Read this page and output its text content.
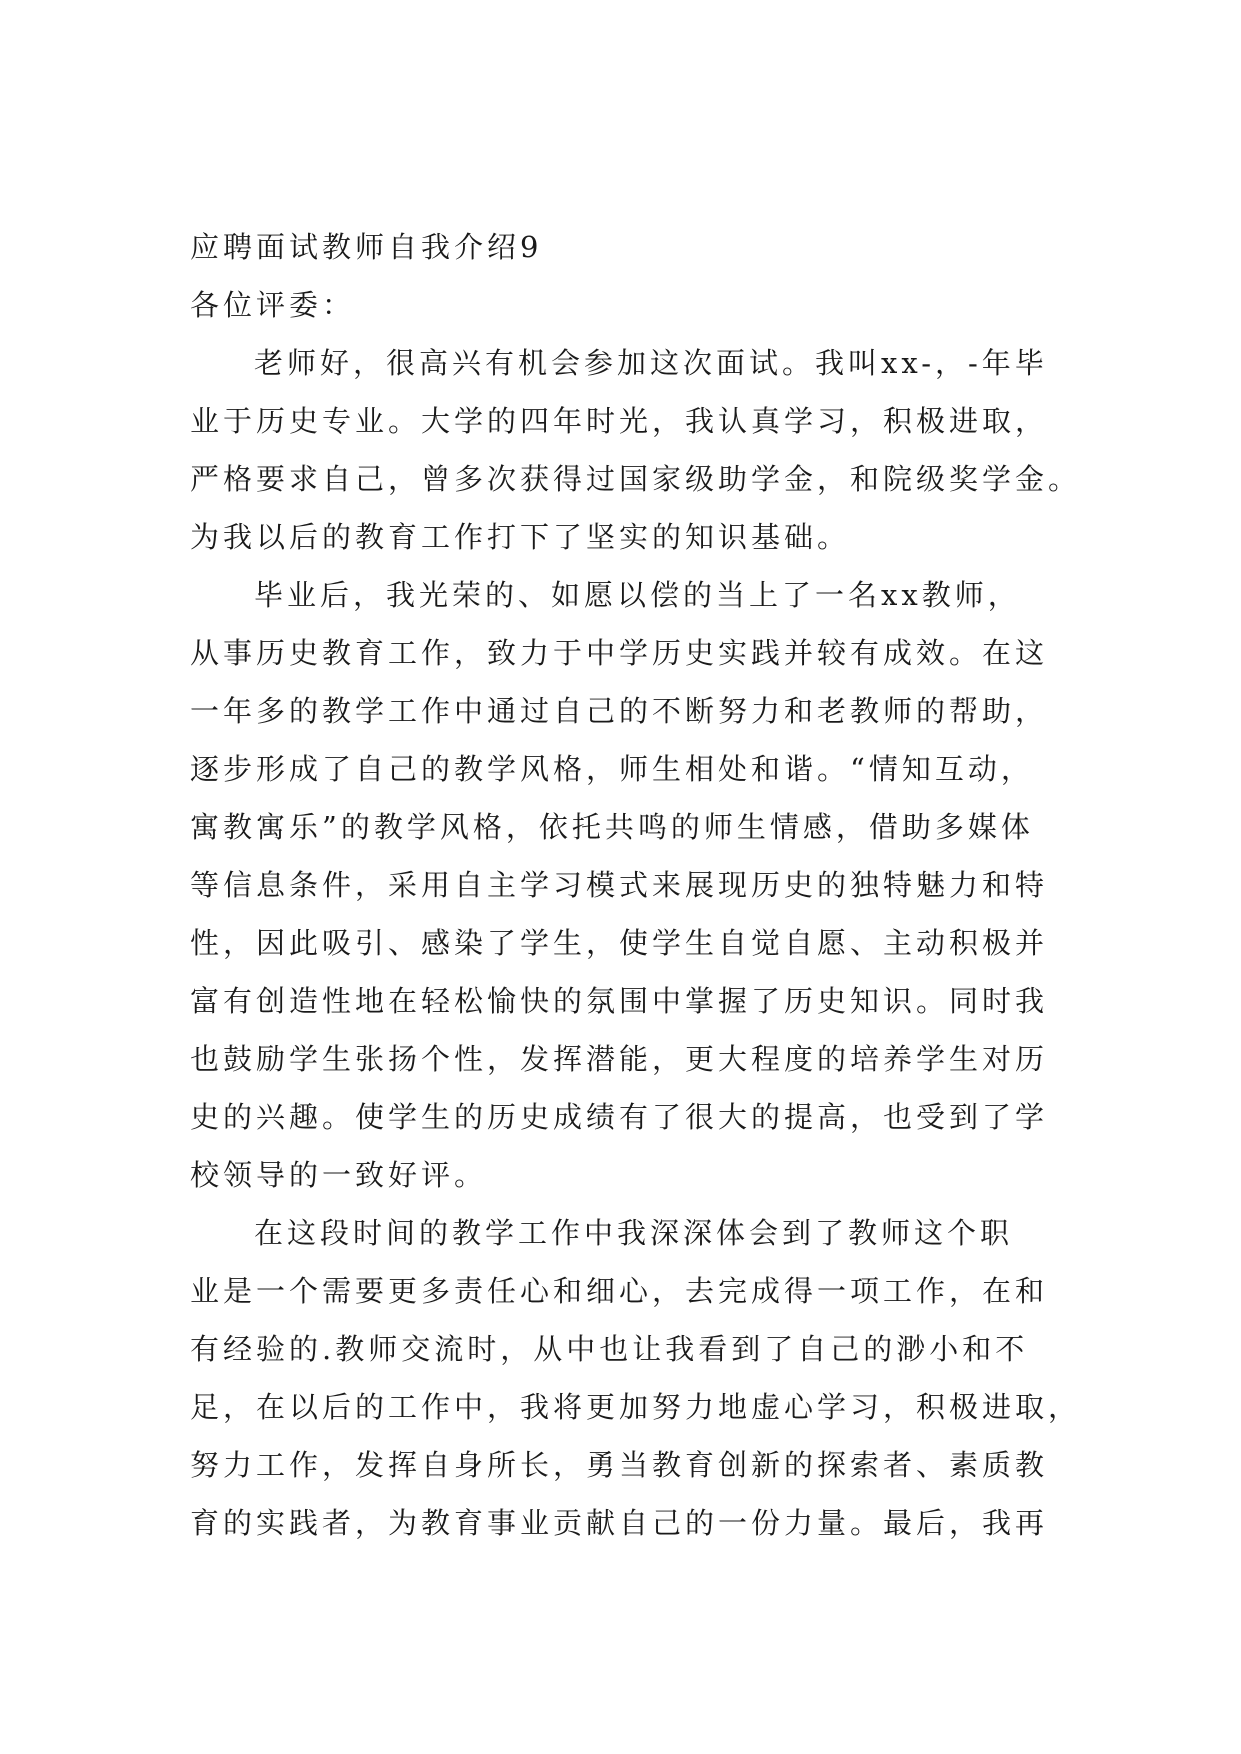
应聘面试教师自我介绍9
各位评委：
老师好，很高兴有机会参加这次面试。我叫xx-，-年毕
业于历史专业。大学的四年时光，我认真学习，积极进取，
严格要求自己，曾多次获得过国家级助学金，和院级奖学金。
为我以后的教育工作打下了坚实的知识基础。
毕业后，我光荣的、如愿以偿的当上了一名xx教师，
从事历史教育工作，致力于中学历史实践并较有成效。在这
一年多的教学工作中通过自己的不断努力和老教师的帮助，
逐步形成了自己的教学风格，师生相处和谐。“情知互动，
寓教寓乐”的教学风格，依托共鸣的师生情感，借助多媒体
等信息条件，采用自主学习模式来展现历史的独特魅力和特
性，因此吸引、感染了学生，使学生自觉自愿、主动积极并
富有创造性地在轻松愉快的氛围中掌握了历史知识。同时我
也鼓励学生张扬个性，发挥潜能，更大程度的培养学生对历
史的兴趣。使学生的历史成绩有了很大的提高，也受到了学
校领导的一致好评。
在这段时间的教学工作中我深深体会到了教师这个职
业是一个需要更多责任心和细心，去完成得一项工作，在和
有经验的.教师交流时，从中也让我看到了自己的渺小和不
足，在以后的工作中，我将更加努力地虚心学习，积极进取，
努力工作，发挥自身所长，勇当教育创新的探索者、素质教
育的实践者，为教育事业贡献自己的一份力量。最后，我再
